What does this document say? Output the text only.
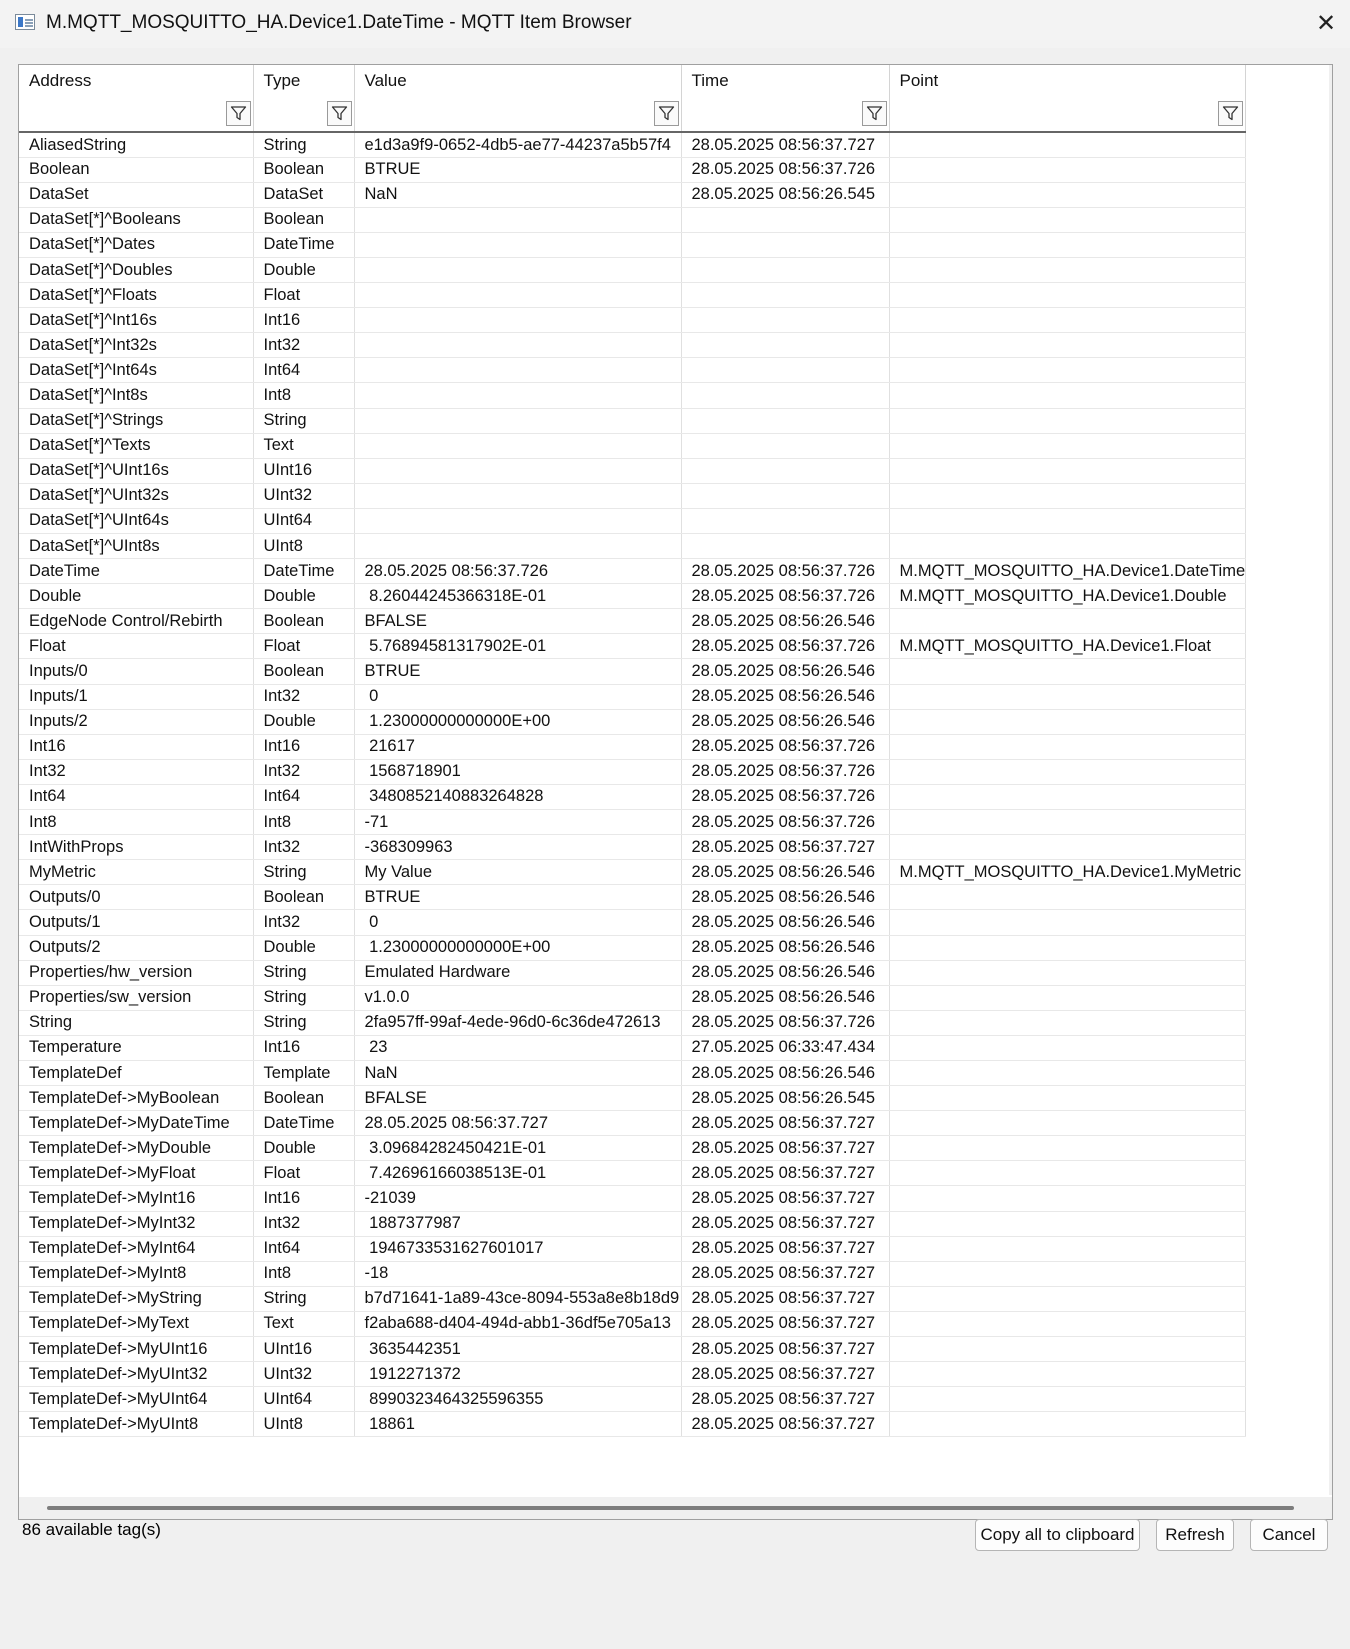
M.MQTT_MOSQUITTO_HA.Device1.DateTime - MQTT Item Browser	✕
Address	Type	Value	Time	Point

AliasedString	String	e1d3a9f9-0652-4db5-ae77-44237a5b57f4	28.05.2025 08:56:37.727	
Boolean	Boolean	BTRUE	28.05.2025 08:56:37.726	
DataSet	DataSet	NaN	28.05.2025 08:56:26.545	
DataSet[*]^Booleans	Boolean			
DataSet[*]^Dates	DateTime			
DataSet[*]^Doubles	Double			
DataSet[*]^Floats	Float			
DataSet[*]^Int16s	Int16			
DataSet[*]^Int32s	Int32			
DataSet[*]^Int64s	Int64			
DataSet[*]^Int8s	Int8			
DataSet[*]^Strings	String			
DataSet[*]^Texts	Text			
DataSet[*]^UInt16s	UInt16			
DataSet[*]^UInt32s	UInt32			
DataSet[*]^UInt64s	UInt64			
DataSet[*]^UInt8s	UInt8			
DateTime	DateTime	28.05.2025 08:56:37.726	28.05.2025 08:56:37.726	M.MQTT_MOSQUITTO_HA.Device1.DateTime
Double	Double	8.26044245366318E-01	28.05.2025 08:56:37.726	M.MQTT_MOSQUITTO_HA.Device1.Double
EdgeNode Control/Rebirth	Boolean	BFALSE	28.05.2025 08:56:26.546	
Float	Float	5.76894581317902E-01	28.05.2025 08:56:37.726	M.MQTT_MOSQUITTO_HA.Device1.Float
Inputs/0	Boolean	BTRUE	28.05.2025 08:56:26.546	
Inputs/1	Int32	0	28.05.2025 08:56:26.546	
Inputs/2	Double	1.23000000000000E+00	28.05.2025 08:56:26.546	
Int16	Int16	21617	28.05.2025 08:56:37.726	
Int32	Int32	1568718901	28.05.2025 08:56:37.726	
Int64	Int64	3480852140883264828	28.05.2025 08:56:37.726	
Int8	Int8	-71	28.05.2025 08:56:37.726	
IntWithProps	Int32	-368309963	28.05.2025 08:56:37.727	
MyMetric	String	My Value	28.05.2025 08:56:26.546	M.MQTT_MOSQUITTO_HA.Device1.MyMetric
Outputs/0	Boolean	BTRUE	28.05.2025 08:56:26.546	
Outputs/1	Int32	0	28.05.2025 08:56:26.546	
Outputs/2	Double	1.23000000000000E+00	28.05.2025 08:56:26.546	
Properties/hw_version	String	Emulated Hardware	28.05.2025 08:56:26.546	
Properties/sw_version	String	v1.0.0	28.05.2025 08:56:26.546	
String	String	2fa957ff-99af-4ede-96d0-6c36de472613	28.05.2025 08:56:37.726	
Temperature	Int16	23	27.05.2025 06:33:47.434	
TemplateDef	Template	NaN	28.05.2025 08:56:26.546	
TemplateDef->MyBoolean	Boolean	BFALSE	28.05.2025 08:56:26.545	
TemplateDef->MyDateTime	DateTime	28.05.2025 08:56:37.727	28.05.2025 08:56:37.727	
TemplateDef->MyDouble	Double	3.09684282450421E-01	28.05.2025 08:56:37.727	
TemplateDef->MyFloat	Float	7.42696166038513E-01	28.05.2025 08:56:37.727	
TemplateDef->MyInt16	Int16	-21039	28.05.2025 08:56:37.727	
TemplateDef->MyInt32	Int32	1887377987	28.05.2025 08:56:37.727	
TemplateDef->MyInt64	Int64	1946733531627601017	28.05.2025 08:56:37.727	
TemplateDef->MyInt8	Int8	-18	28.05.2025 08:56:37.727	
TemplateDef->MyString	String	b7d71641-1a89-43ce-8094-553a8e8b18d9	28.05.2025 08:56:37.727	
TemplateDef->MyText	Text	f2aba688-d404-494d-abb1-36df5e705a13	28.05.2025 08:56:37.727	
TemplateDef->MyUInt16	UInt16	3635442351	28.05.2025 08:56:37.727	
TemplateDef->MyUInt32	UInt32	1912271372	28.05.2025 08:56:37.727	
TemplateDef->MyUInt64	UInt64	8990323464325596355	28.05.2025 08:56:37.727	
TemplateDef->MyUInt8	UInt8	18861	28.05.2025 08:56:37.727	
86 available tag(s)	Copy all to clipboard	Refresh	Cancel
